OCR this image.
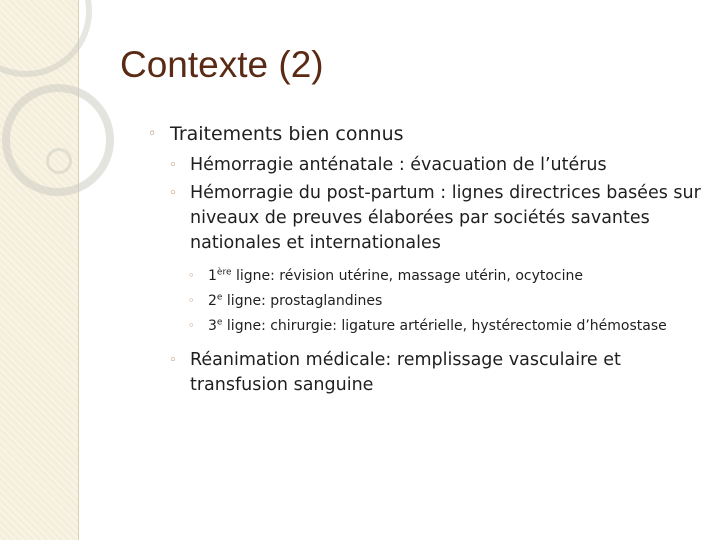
Contexte (2)
◦ Traitements bien connus
◦ Hémorragie anténatale : évacuation de l’utérus
◦ Hémorragie du post-partum : lignes directrices basées sur niveaux de preuves élaborées par sociétés savantes nationales et internationales
◦ 1ère ligne: révision utérine, massage utérin, ocytocine
◦ 2e ligne: prostaglandines
◦ 3e ligne: chirurgie: ligature artérielle, hystérectomie d’hémostase
◦ Réanimation médicale: remplissage vasculaire et transfusion sanguine
